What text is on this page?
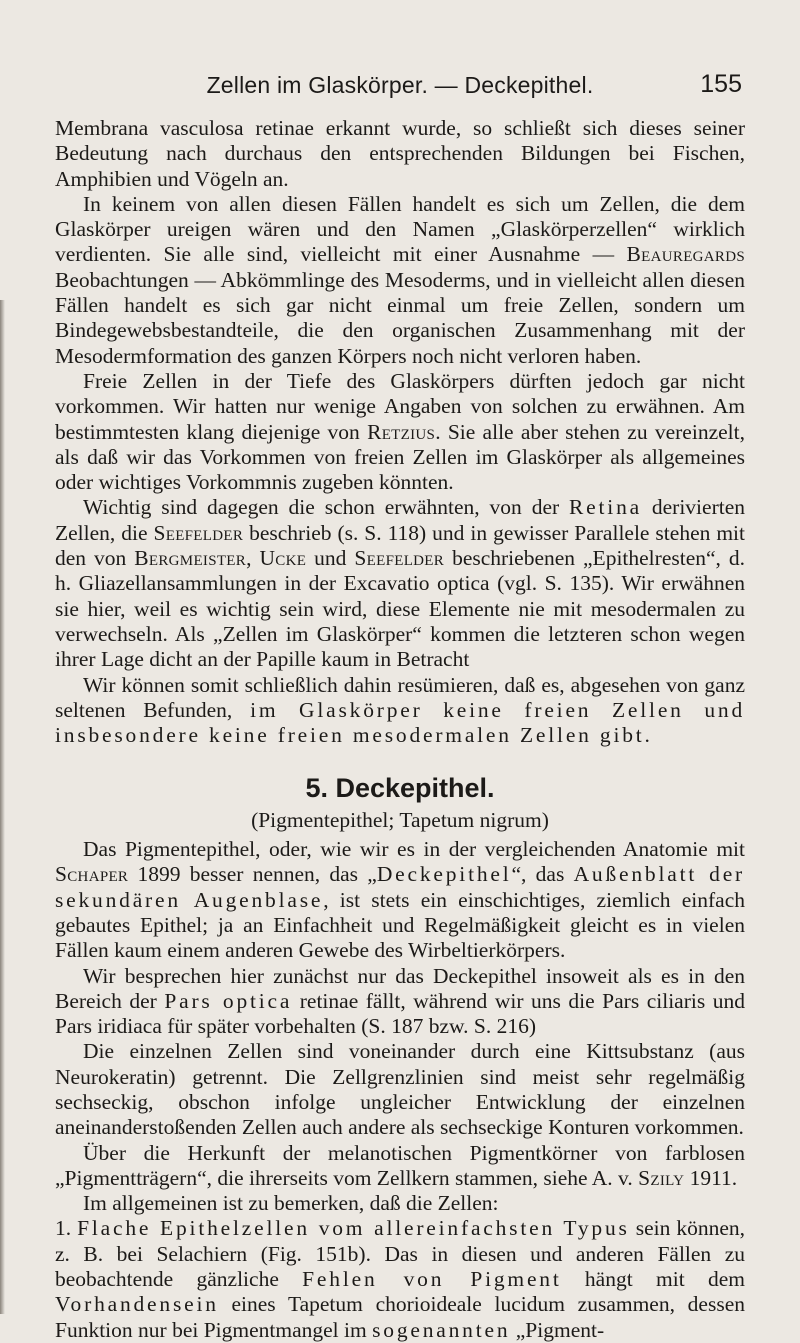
Zellen im Glaskörper. — Deckepithel.	155

Membrana vasculosa retinae erkannt wurde, so schließt sich dieses seiner Bedeutung nach durchaus den entsprechenden Bildungen bei Fischen, Amphibien und Vögeln an.

In keinem von allen diesen Fällen handelt es sich um Zellen, die dem Glaskörper ureigen wären und den Namen „Glaskörperzellen“ wirklich verdienten. Sie alle sind, vielleicht mit einer Ausnahme — Beauregards Beobachtungen — Abkömmlinge des Mesoderms, und in vielleicht allen diesen Fällen handelt es sich gar nicht einmal um freie Zellen, sondern um Bindegewebsbestandteile, die den organischen Zusammenhang mit der Mesodermformation des ganzen Körpers noch nicht verloren haben.

Freie Zellen in der Tiefe des Glaskörpers dürften jedoch gar nicht vorkommen. Wir hatten nur wenige Angaben von solchen zu erwähnen. Am bestimmtesten klang diejenige von Retzius. Sie alle aber stehen zu vereinzelt, als daß wir das Vorkommen von freien Zellen im Glaskörper als allgemeines oder wichtiges Vorkommnis zugeben könnten.

Wichtig sind dagegen die schon erwähnten, von der Retina derivierten Zellen, die Seefelder beschrieb (s. S. 118) und in gewisser Parallele stehen mit den von Bergmeister, Ucke und Seefelder beschriebenen „Epithelresten“, d. h. Gliazellansammlungen in der Excavatio optica (vgl. S. 135). Wir erwähnen sie hier, weil es wichtig sein wird, diese Elemente nie mit mesodermalen zu verwechseln. Als „Zellen im Glaskörper“ kommen die letzteren schon wegen ihrer Lage dicht an der Papille kaum in Betracht

Wir können somit schließlich dahin resümieren, daß es, abgesehen von ganz seltenen Befunden, im Glaskörper keine freien Zellen und insbesondere keine freien mesodermalen Zellen gibt.

5. Deckepithel.
(Pigmentepithel; Tapetum nigrum)

Das Pigmentepithel, oder, wie wir es in der vergleichenden Anatomie mit Schaper 1899 besser nennen, das „Deckepithel“, das Außenblatt der sekundären Augenblase, ist stets ein einschichtiges, ziemlich einfach gebautes Epithel; ja an Einfachheit und Regelmäßigkeit gleicht es in vielen Fällen kaum einem anderen Gewebe des Wirbeltierkörpers.

Wir besprechen hier zunächst nur das Deckepithel insoweit als es in den Bereich der Pars optica retinae fällt, während wir uns die Pars ciliaris und Pars iridiaca für später vorbehalten (S. 187 bzw. S. 216)

Die einzelnen Zellen sind voneinander durch eine Kittsubstanz (aus Neurokeratin) getrennt. Die Zellgrenzlinien sind meist sehr regelmäßig sechseckig, obschon infolge ungleicher Entwicklung der einzelnen aneinanderstoßenden Zellen auch andere als sechseckige Konturen vorkommen.

Über die Herkunft der melanotischen Pigmentkörner von farblosen „Pigmentträgern“, die ihrerseits vom Zellkern stammen, siehe A. v. Szily 1911.

Im allgemeinen ist zu bemerken, daß die Zellen:

1. Flache Epithelzellen vom allereinfachsten Typus sein können, z. B. bei Selachiern (Fig. 151b). Das in diesen und anderen Fällen zu beobachtende gänzliche Fehlen von Pigment hängt mit dem Vorhandensein eines Tapetum chorioideale lucidum zusammen, dessen Funktion nur bei Pigmentmangel im sogenannten „Pigment-
